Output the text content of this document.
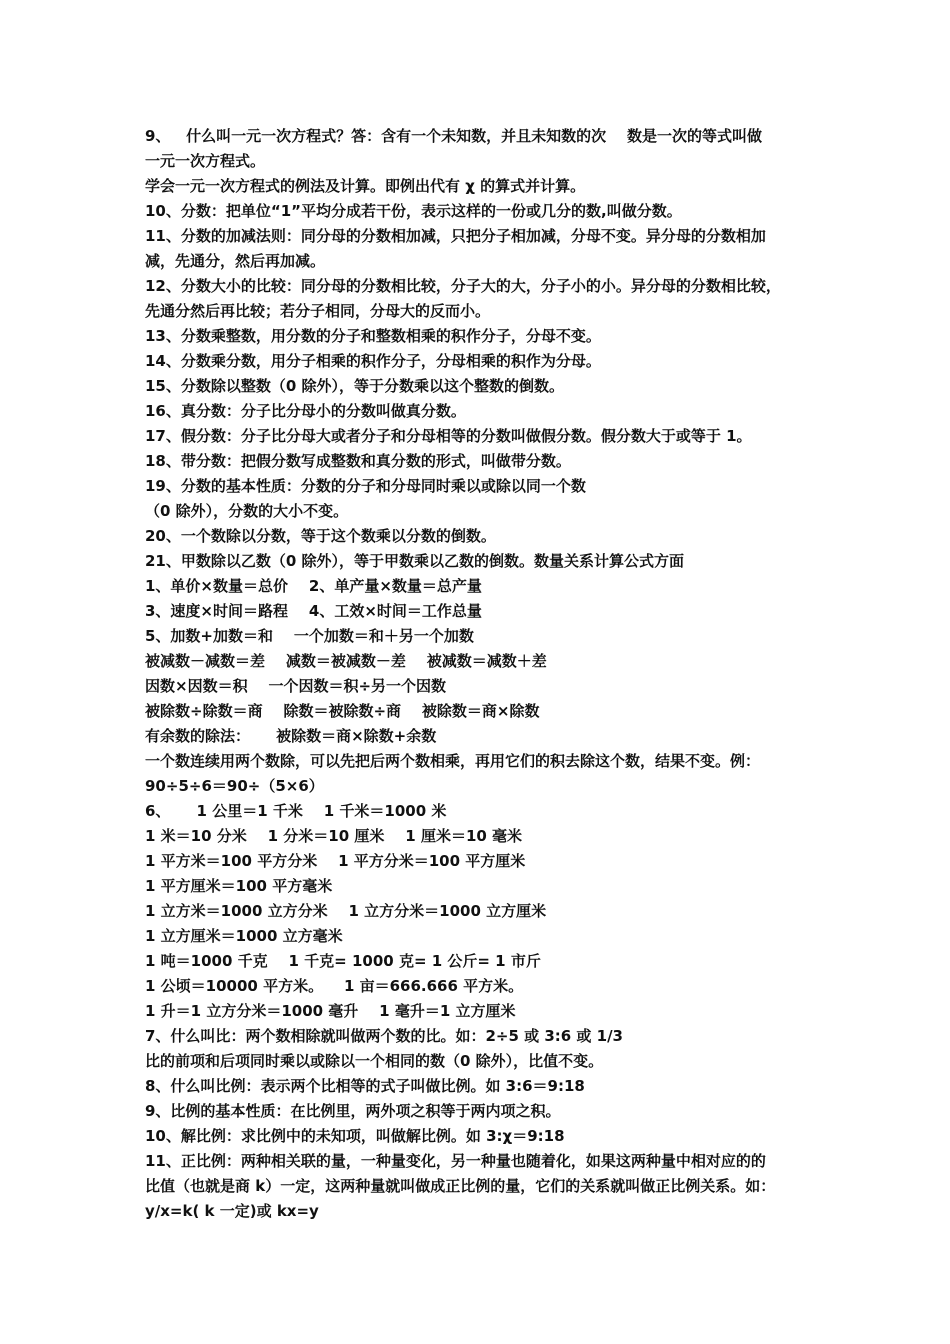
9、   什么叫一元一次方程式？答：含有一个未知数，并且未知数的次    数是一次的等式叫做
一元一次方程式。
学会一元一次方程式的例法及计算。即例出代有 χ 的算式并计算。
10、分数：把单位“1”平均分成若干份，表示这样的一份或几分的数,叫做分数。
11、分数的加减法则：同分母的分数相加减，只把分子相加减，分母不变。异分母的分数相加
减，先通分，然后再加减。
12、分数大小的比较：同分母的分数相比较，分子大的大，分子小的小。异分母的分数相比较，
先通分然后再比较；若分子相同，分母大的反而小。
13、分数乘整数，用分数的分子和整数相乘的积作分子，分母不变。
14、分数乘分数，用分子相乘的积作分子，分母相乘的积作为分母。
15、分数除以整数（0 除外），等于分数乘以这个整数的倒数。
16、真分数：分子比分母小的分数叫做真分数。
17、假分数：分子比分母大或者分子和分母相等的分数叫做假分数。假分数大于或等于 1。
18、带分数：把假分数写成整数和真分数的形式，叫做带分数。
19、分数的基本性质：分数的分子和分母同时乘以或除以同一个数
（0 除外），分数的大小不变。
20、一个数除以分数，等于这个数乘以分数的倒数。
21、甲数除以乙数（0 除外），等于甲数乘以乙数的倒数。数量关系计算公式方面
1、单价×数量＝总价    2、单产量×数量＝总产量
3、速度×时间＝路程    4、工效×时间＝工作总量
5、加数+加数＝和    一个加数＝和＋另一个加数
被减数－减数＝差    减数＝被减数－差    被减数＝减数＋差
因数×因数＝积    一个因数＝积÷另一个因数
被除数÷除数＝商    除数＝被除数÷商    被除数＝商×除数
有余数的除法：     被除数＝商×除数+余数
一个数连续用两个数除，可以先把后两个数相乘，再用它们的积去除这个数，结果不变。例：
90÷5÷6＝90÷（5×6）
6、     1 公里＝1 千米    1 千米＝1000 米
1 米＝10 分米    1 分米＝10 厘米    1 厘米＝10 毫米
1 平方米＝100 平方分米    1 平方分米＝100 平方厘米
1 平方厘米＝100 平方毫米
1 立方米＝1000 立方分米    1 立方分米＝1000 立方厘米
1 立方厘米＝1000 立方毫米
1 吨＝1000 千克    1 千克= 1000 克= 1 公斤= 1 市斤
1 公顷＝10000 平方米。    1 亩＝666.666 平方米。
1 升＝1 立方分米＝1000 毫升    1 毫升＝1 立方厘米
7、什么叫比：两个数相除就叫做两个数的比。如：2÷5 或 3:6 或 1/3
比的前项和后项同时乘以或除以一个相同的数（0 除外），比值不变。
8、什么叫比例：表示两个比相等的式子叫做比例。如 3:6＝9:18
9、比例的基本性质：在比例里，两外项之积等于两内项之积。
10、解比例：求比例中的未知项，叫做解比例。如 3:χ＝9:18
11、正比例：两种相关联的量，一种量变化，另一种量也随着化，如果这两种量中相对应的的
比值（也就是商 k）一定，这两种量就叫做成正比例的量，它们的关系就叫做正比例关系。如：
y/x=k( k 一定)或 kx=y
